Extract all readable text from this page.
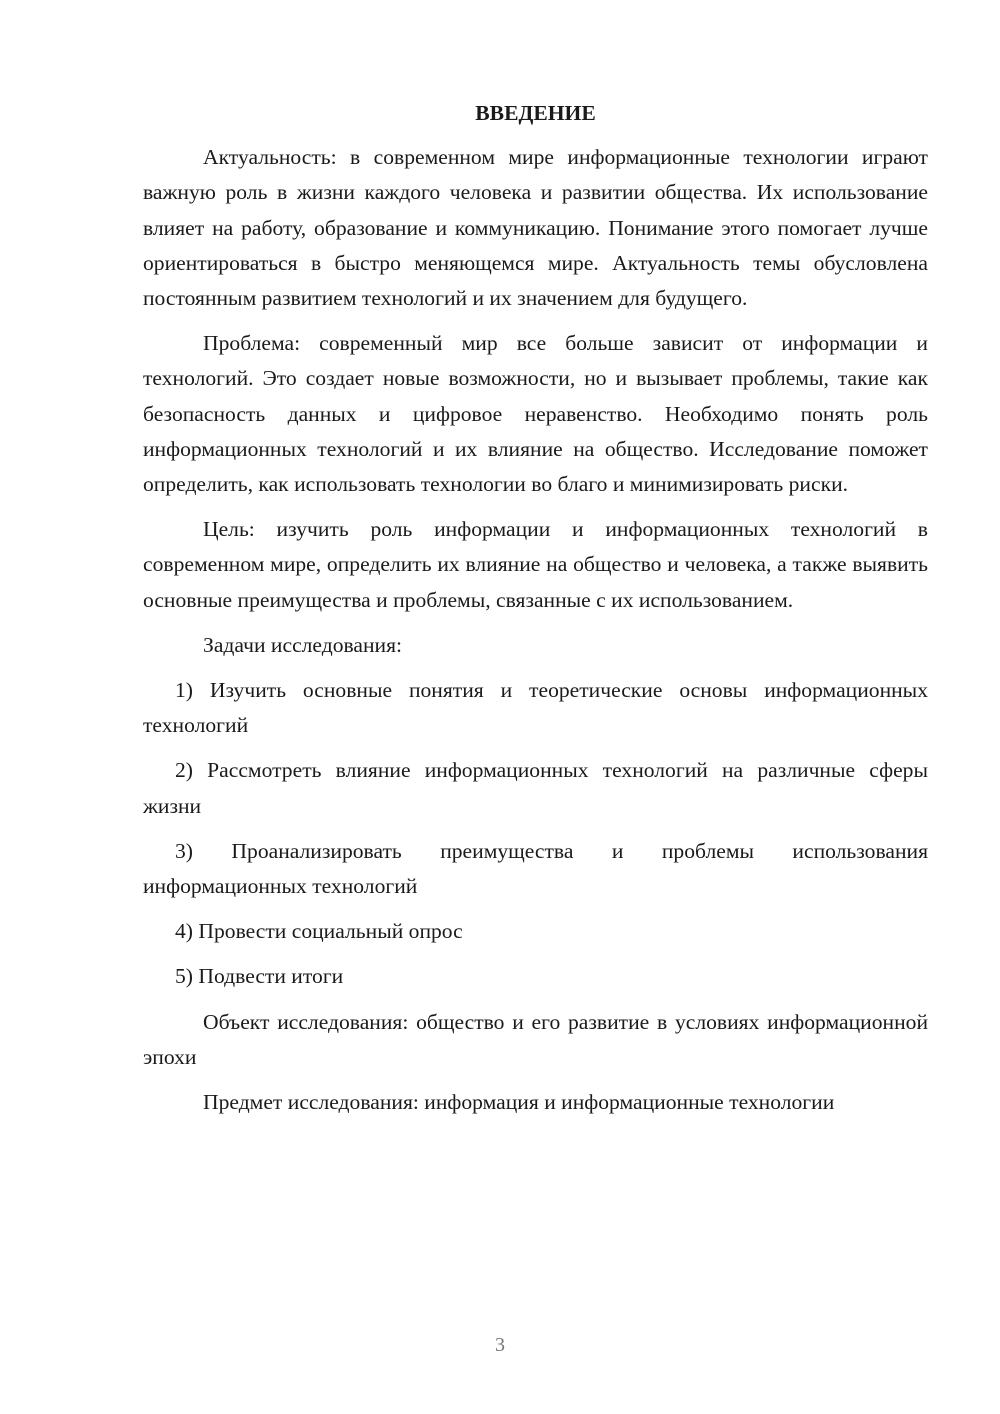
ВВЕДЕНИЕ

Актуальность: в современном мире информационные технологии играют важную роль в жизни каждого человека и развитии общества. Их использование влияет на работу, образование и коммуникацию. Понимание этого помогает лучше ориентироваться в быстро меняющемся мире. Актуальность темы обусловлена постоянным развитием технологий и их значением для будущего.

Проблема: современный мир все больше зависит от информации и технологий. Это создает новые возможности, но и вызывает проблемы, такие как безопасность данных и цифровое неравенство. Необходимо понять роль информационных технологий и их влияние на общество. Исследование поможет определить, как использовать технологии во благо и минимизировать риски.

Цель: изучить роль информации и информационных технологий в современном мире, определить их влияние на общество и человека, а также выявить основные преимущества и проблемы, связанные с их использованием.

Задачи исследования:

1) Изучить основные понятия и теоретические основы информационных технологий

2) Рассмотреть влияние информационных технологий на различные сферы жизни

3) Проанализировать преимущества и проблемы использования информационных технологий

4) Провести социальный опрос

5) Подвести итоги

Объект исследования: общество и его развитие в условиях информационной эпохи

Предмет исследования: информация и информационные технологии

3
